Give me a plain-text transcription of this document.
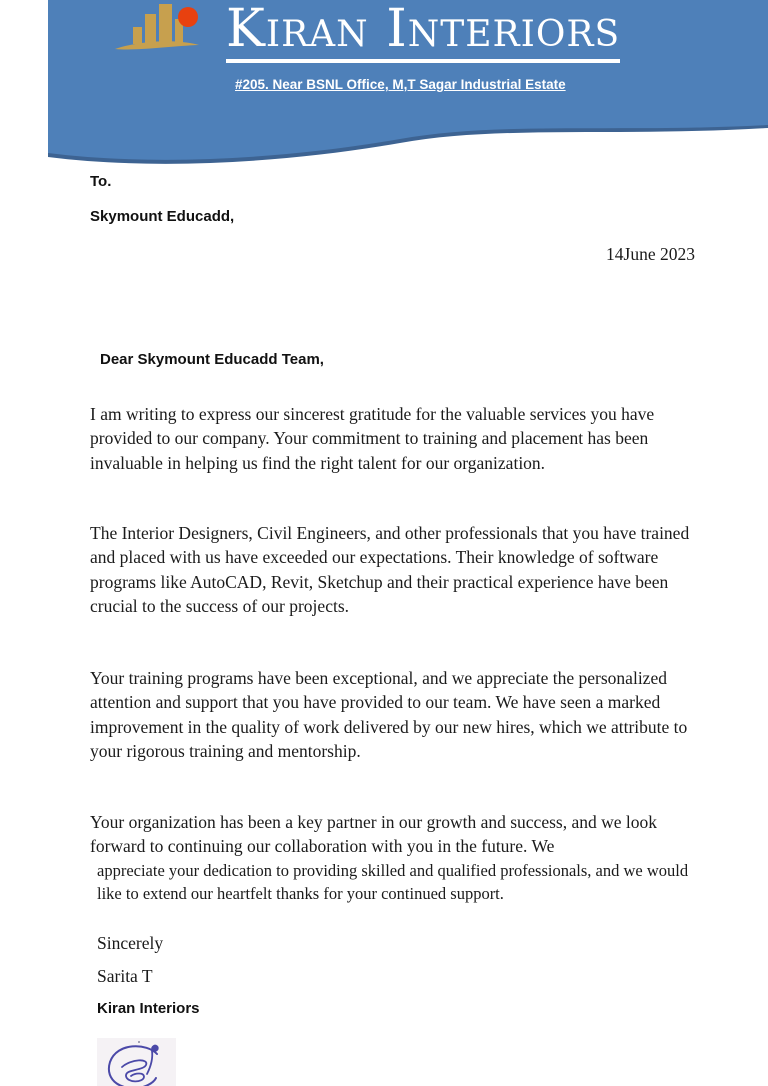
Kiran Interiors
#205. Near BSNL Office, M,T Sagar Industrial Estate
To.
Skymount Educadd,
14June 2023
Dear Skymount Educadd Team,

I am writing to express our sincerest gratitude for the valuable services you have provided to our company. Your commitment to training and placement has been invaluable in helping us find the right talent for our organization.

The Interior Designers, Civil Engineers, and other professionals that you have trained and placed with us have exceeded our expectations. Their knowledge of software programs like AutoCAD, Revit, Sketchup and their practical experience have been crucial to the success of our projects.

Your training programs have been exceptional, and we appreciate the personalized attention and support that you have provided to our team. We have seen a marked improvement in the quality of work delivered by our new hires, which we attribute to your rigorous training and mentorship.

Your organization has been a key partner in our growth and success, and we look forward to continuing our collaboration with you in the future. We

appreciate your dedication to providing skilled and qualified professionals, and we would like to extend our heartfelt thanks for your continued support.

Sincerely
Sarita T
Kiran Interiors
